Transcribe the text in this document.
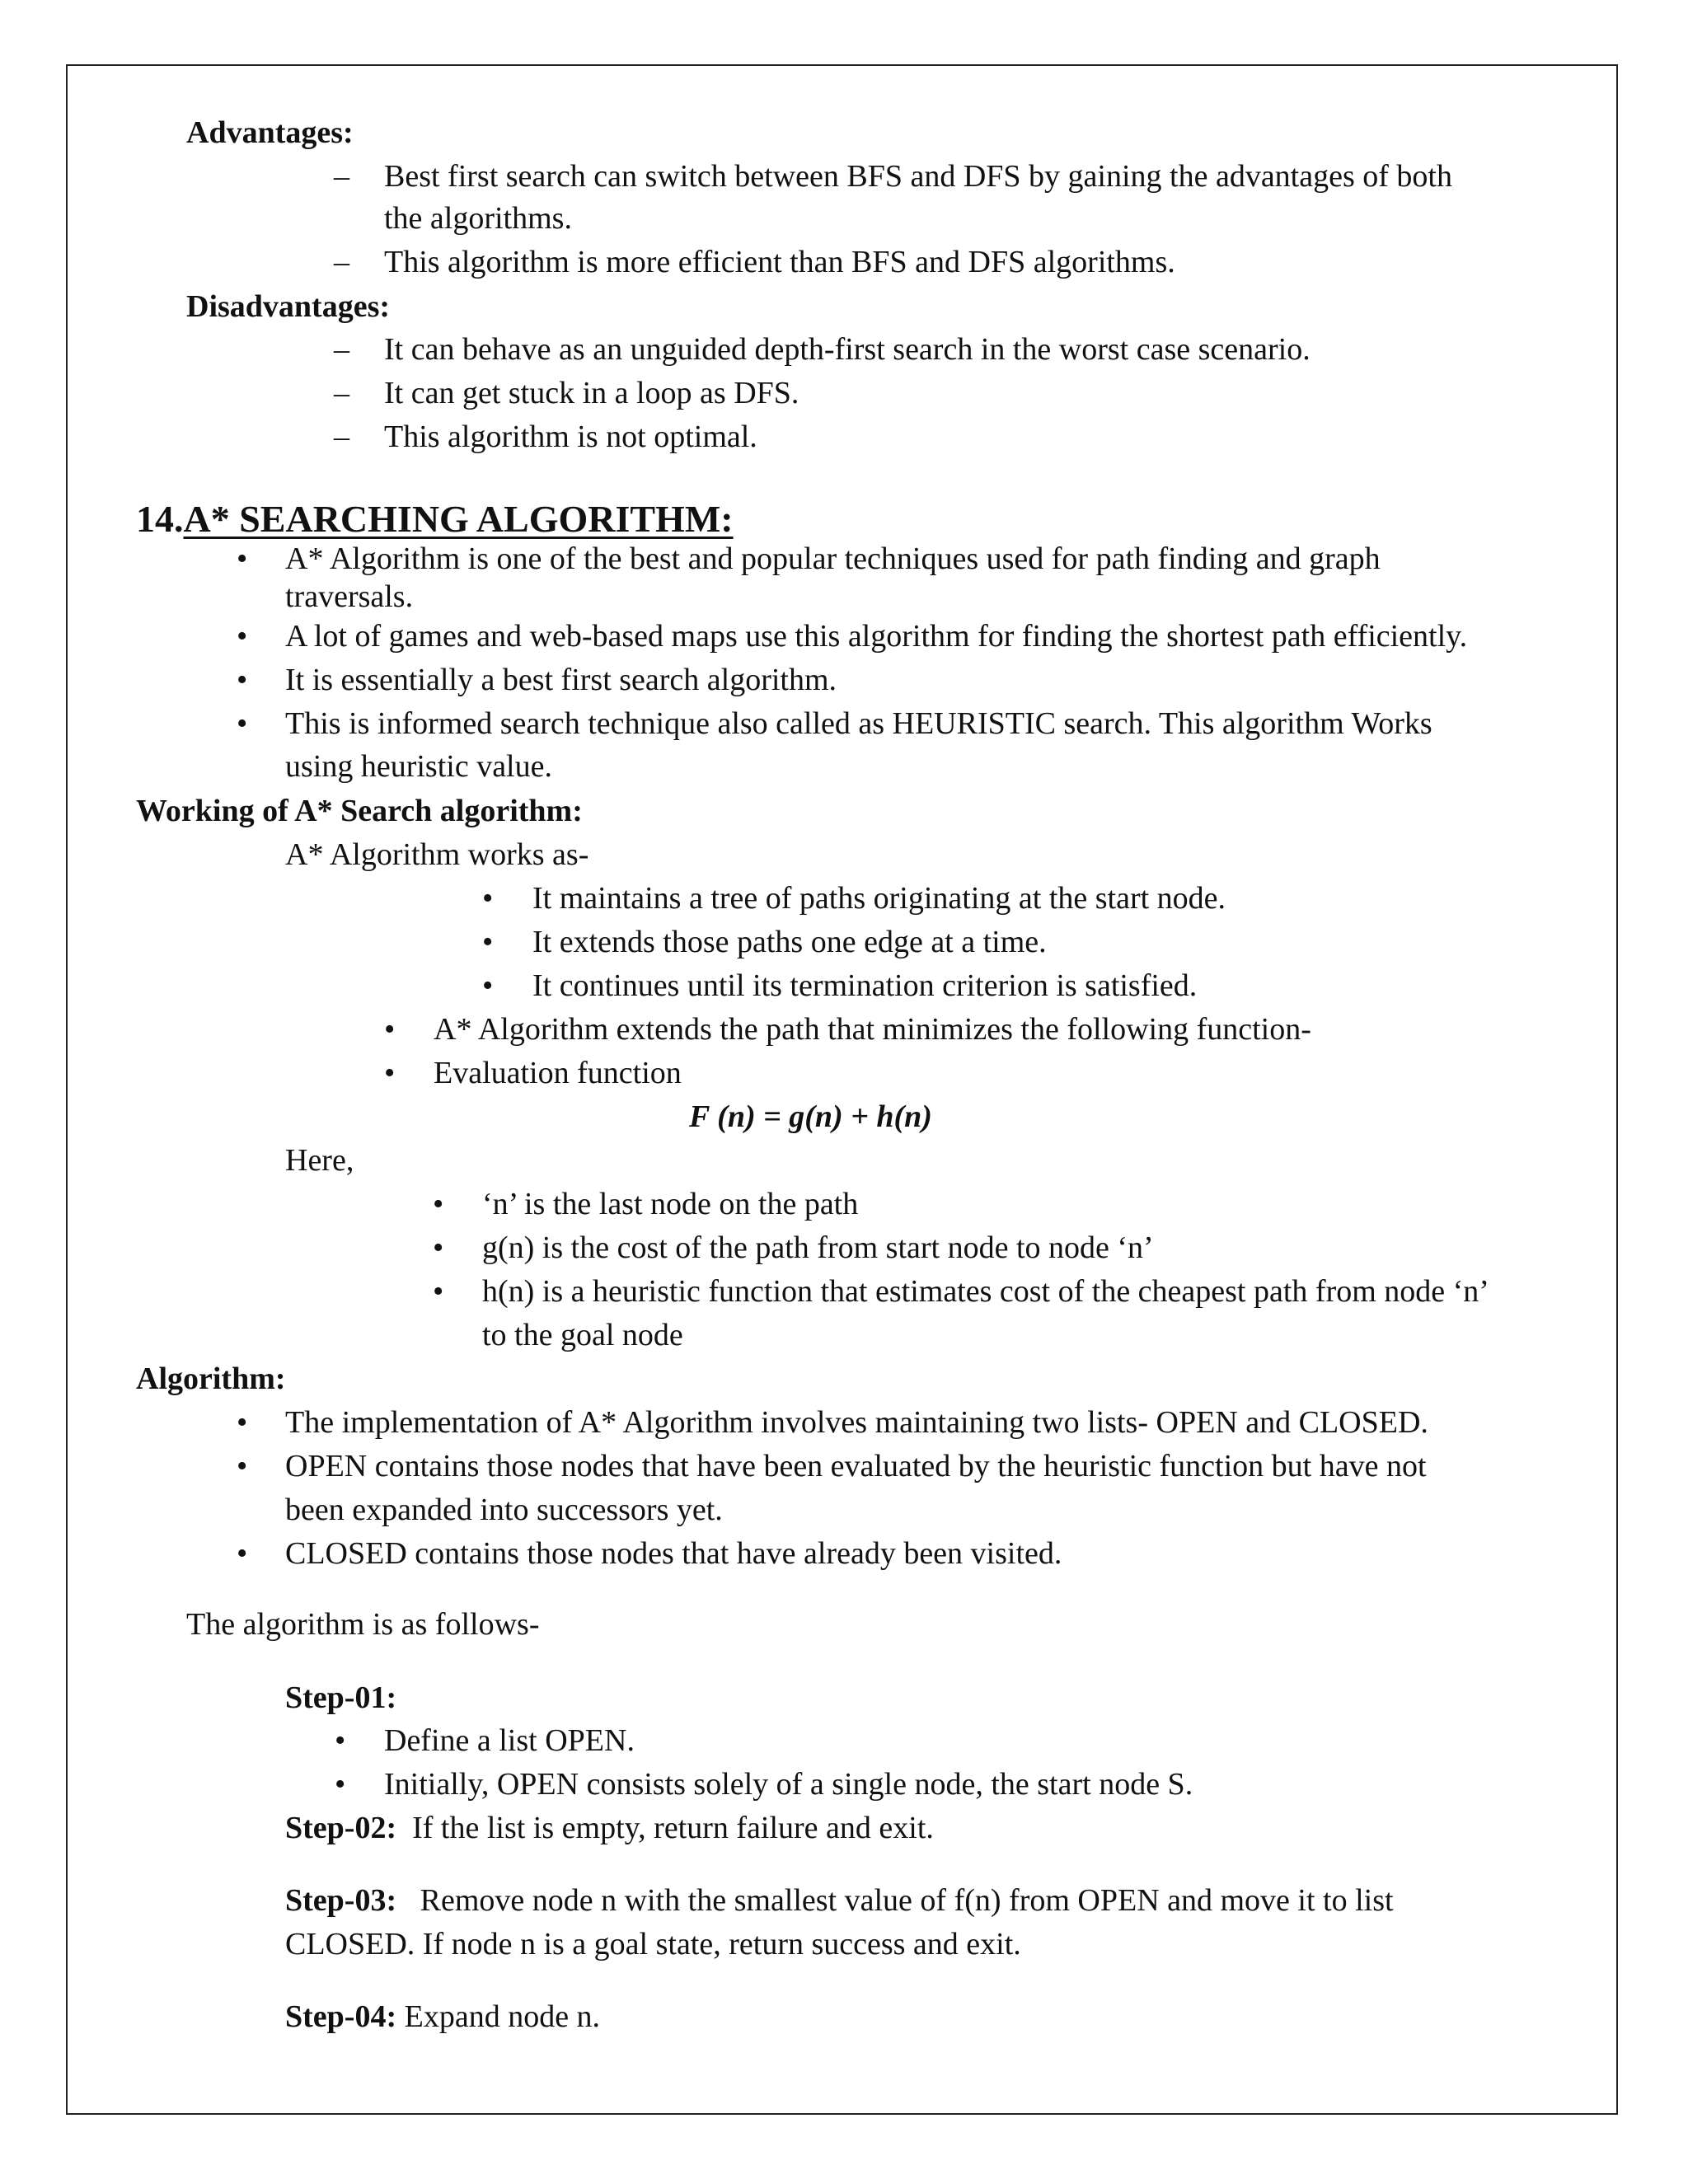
Advantages:
– Best first search can switch between BFS and DFS by gaining the advantages of both
the algorithms.
– This algorithm is more efficient than BFS and DFS algorithms.
Disadvantages:
– It can behave as an unguided depth-first search in the worst case scenario.
– It can get stuck in a loop as DFS.
– This algorithm is not optimal.
14.A* SEARCHING ALGORITHM:
• A* Algorithm is one of the best and popular techniques used for path finding and graph
traversals.
• A lot of games and web-based maps use this algorithm for finding the shortest path efficiently.
• It is essentially a best first search algorithm.
• This is informed search technique also called as HEURISTIC search. This algorithm Works
using heuristic value.
Working of A* Search algorithm:
A* Algorithm works as-
• It maintains a tree of paths originating at the start node.
• It extends those paths one edge at a time.
• It continues until its termination criterion is satisfied.
• A* Algorithm extends the path that minimizes the following function-
• Evaluation function
F (n) = g(n) + h(n)
Here,
• ‘n’ is the last node on the path
• g(n) is the cost of the path from start node to node ‘n’
• h(n) is a heuristic function that estimates cost of the cheapest path from node ‘n’
to the goal node
Algorithm:
• The implementation of A* Algorithm involves maintaining two lists- OPEN and CLOSED.
• OPEN contains those nodes that have been evaluated by the heuristic function but have not
been expanded into successors yet.
• CLOSED contains those nodes that have already been visited.
The algorithm is as follows-
Step-01:
• Define a list OPEN.
• Initially, OPEN consists solely of a single node, the start node S.
Step-02: If the list is empty, return failure and exit.
Step-03: Remove node n with the smallest value of f(n) from OPEN and move it to list
CLOSED. If node n is a goal state, return success and exit.
Step-04: Expand node n.
